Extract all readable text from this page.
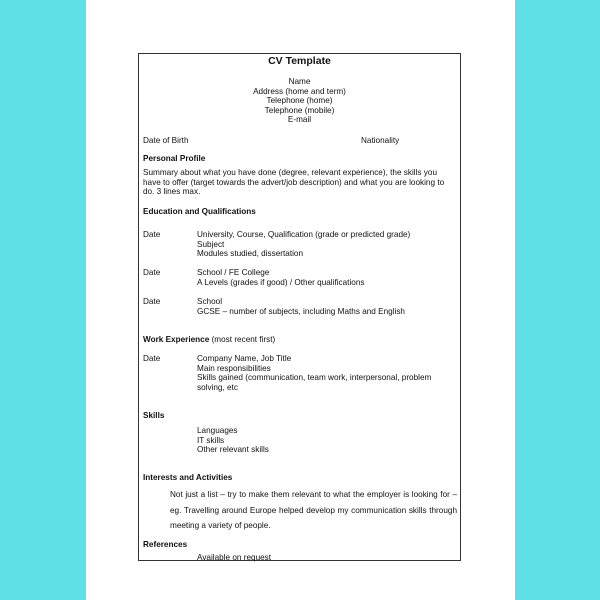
CV Template
Name
Address (home and term)
Telephone (home)
Telephone (mobile)
E-mail
Date of Birth	Nationality
Personal Profile
Summary about what you have done (degree, relevant experience), the skills you have to offer (target towards the advert/job description) and what you are looking to do. 3 lines max.
Education and Qualifications
Date	University, Course, Qualification (grade or predicted grade)
Subject
Modules studied, dissertation
Date	School / FE College
A Levels (grades if good) / Other qualifications
Date	School
GCSE – number of subjects, including Maths and English
Work Experience (most recent first)
Date	Company Name, Job Title
Main responsibilities
Skills gained (communication, team work, interpersonal, problem
solving, etc
Skills
Languages
IT skills
Other relevant skills
Interests and Activities
Not just a list – try to make them relevant to what the employer is looking for – eg. Travelling around Europe helped develop my communication skills through meeting a variety of people.
References
Available on request
